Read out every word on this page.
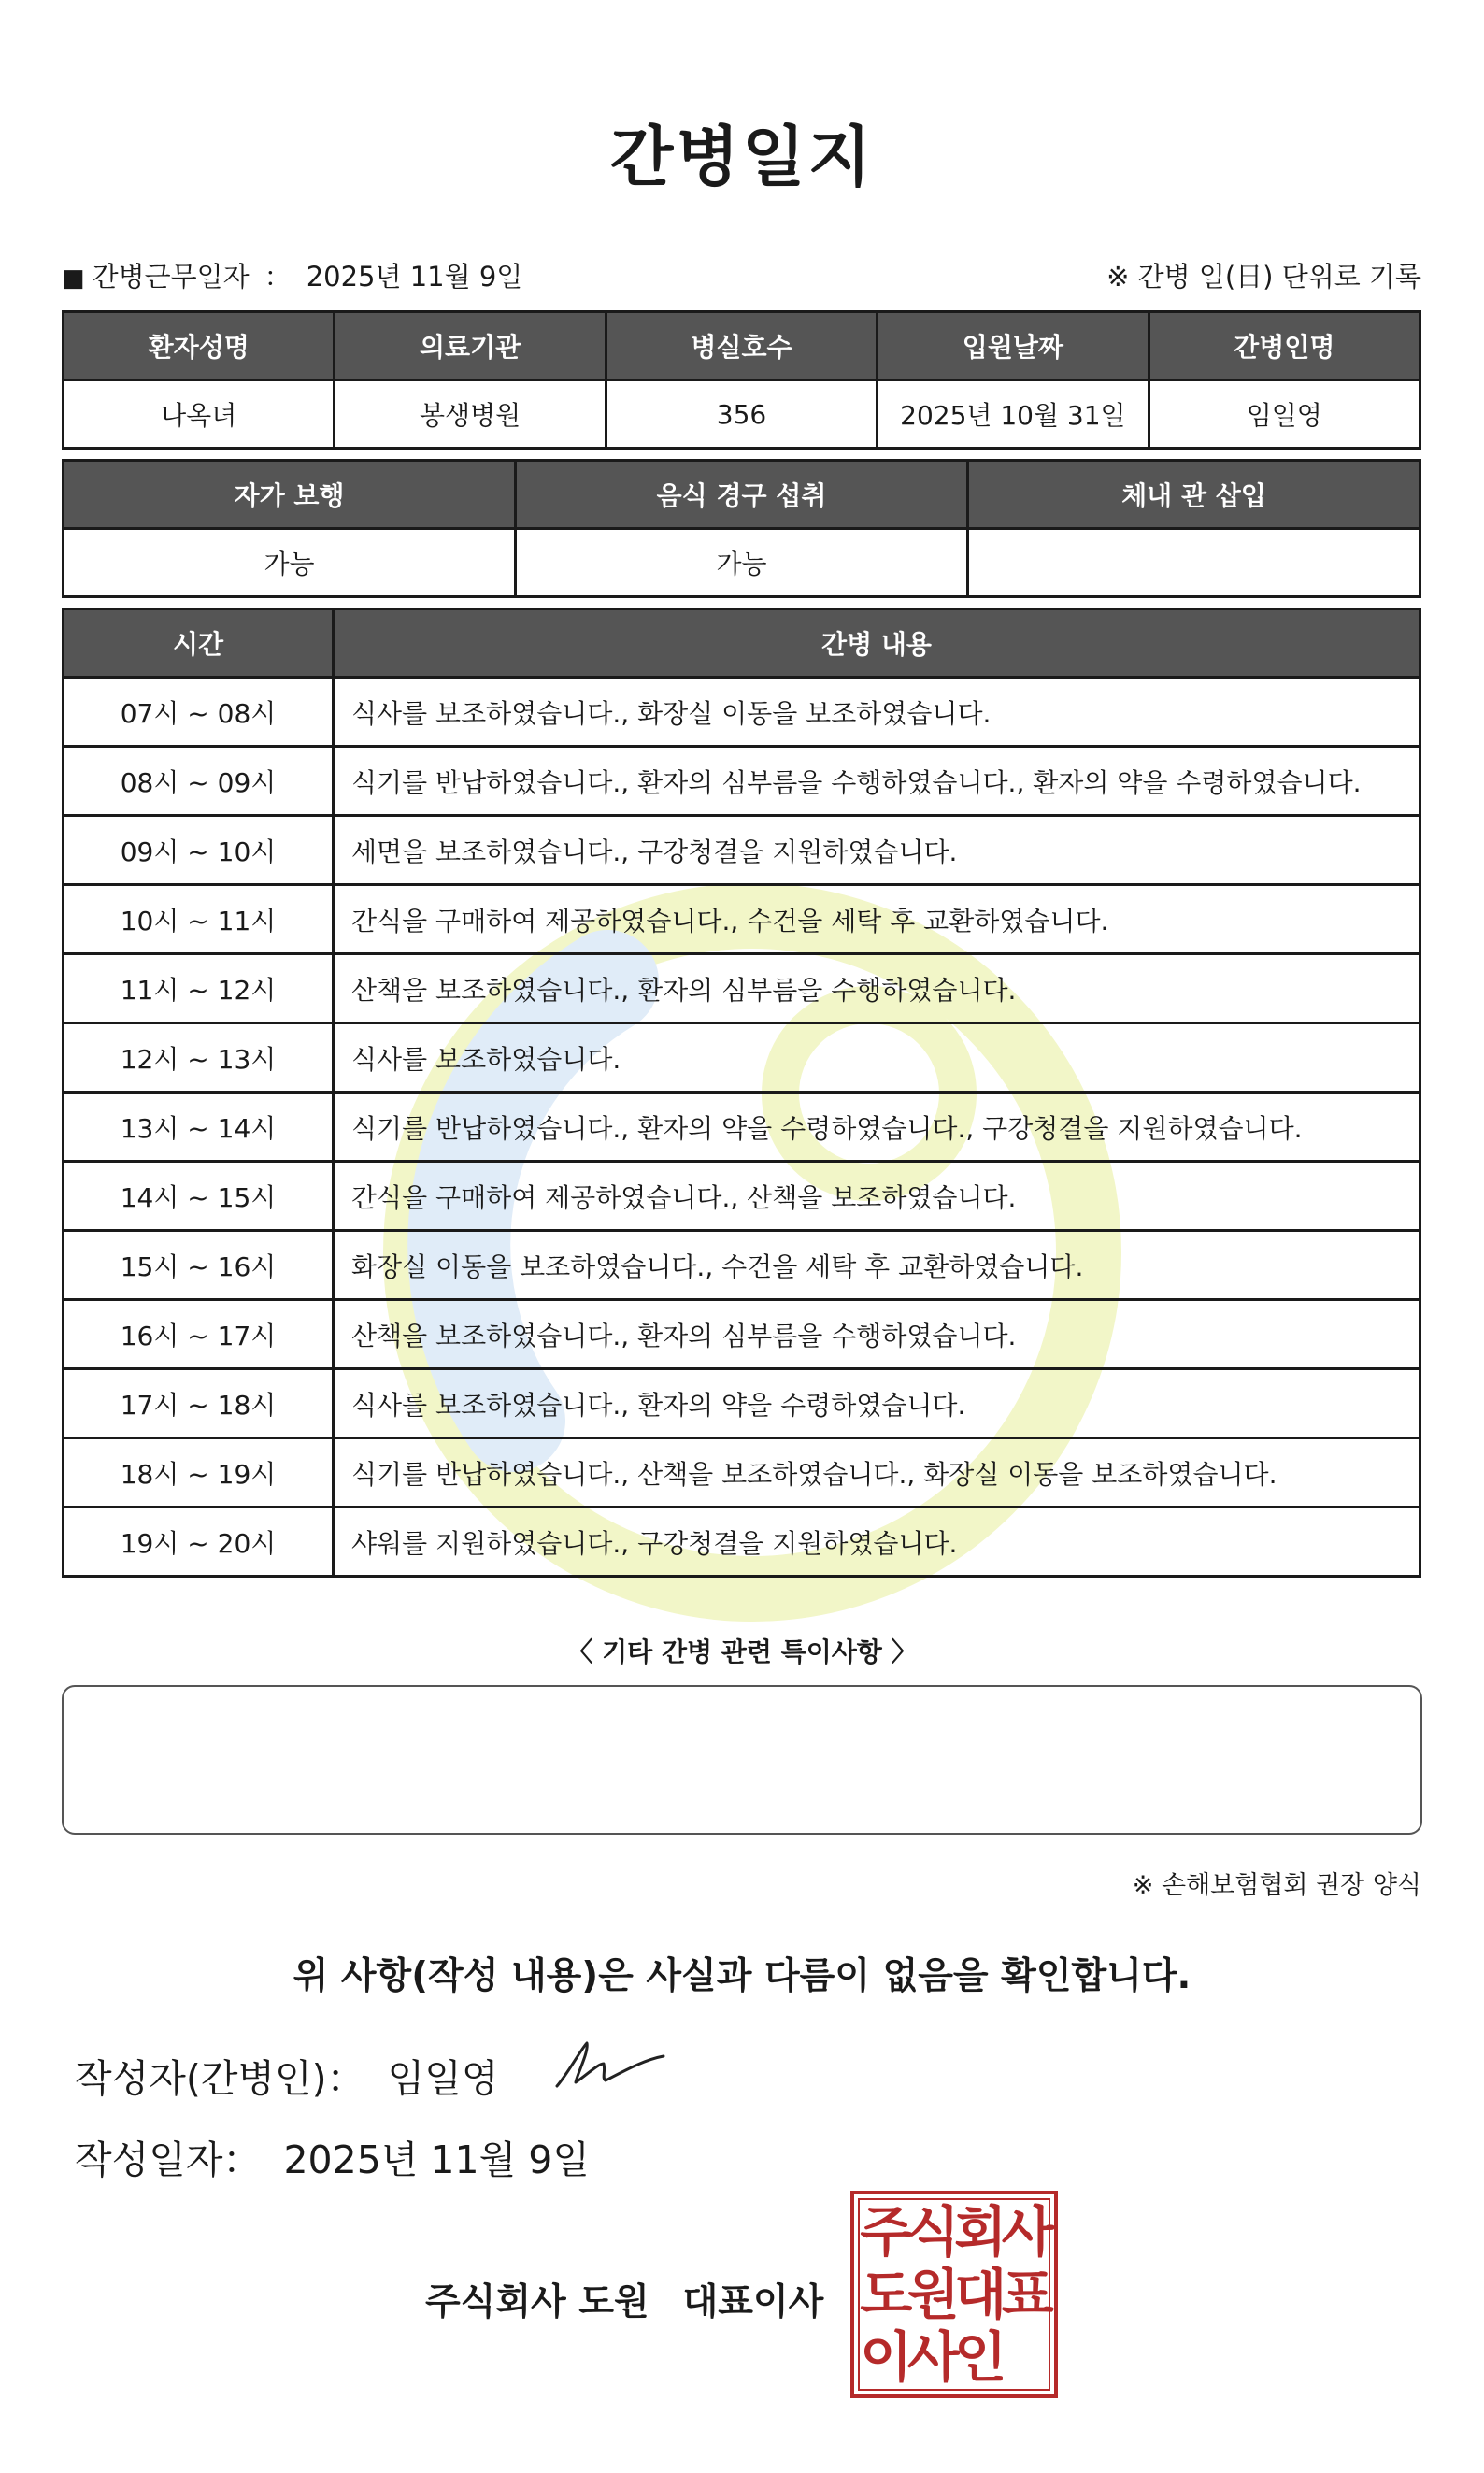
간병일지
■ 간병근무일자 ： 2025년 11월 9일	※ 간병 일(日) 단위로 기록
환자성명	의료기관	병실호수	입원날짜	간병인명
나옥녀	봉생병원	356	2025년 10월 31일	임일영
자가 보행	음식 경구 섭취	체내 관 삽입
가능	가능	
시간	간병 내용
07시 ~ 08시	식사를 보조하였습니다., 화장실 이동을 보조하였습니다.
08시 ~ 09시	식기를 반납하였습니다., 환자의 심부름을 수행하였습니다., 환자의 약을 수령하였습니다.
09시 ~ 10시	세면을 보조하였습니다., 구강청결을 지원하였습니다.
10시 ~ 11시	간식을 구매하여 제공하였습니다., 수건을 세탁 후 교환하였습니다.
11시 ~ 12시	산책을 보조하였습니다., 환자의 심부름을 수행하였습니다.
12시 ~ 13시	식사를 보조하였습니다.
13시 ~ 14시	식기를 반납하였습니다., 환자의 약을 수령하였습니다., 구강청결을 지원하였습니다.
14시 ~ 15시	간식을 구매하여 제공하였습니다., 산책을 보조하였습니다.
15시 ~ 16시	화장실 이동을 보조하였습니다., 수건을 세탁 후 교환하였습니다.
16시 ~ 17시	산책을 보조하였습니다., 환자의 심부름을 수행하였습니다.
17시 ~ 18시	식사를 보조하였습니다., 환자의 약을 수령하였습니다.
18시 ~ 19시	식기를 반납하였습니다., 산책을 보조하였습니다., 화장실 이동을 보조하였습니다.
19시 ~ 20시	샤워를 지원하였습니다., 구강청결을 지원하였습니다.
〈 기타 간병 관련 특이사항 〉
※ 손해보험협회 권장 양식
위 사항(작성 내용)은 사실과 다름이 없음을 확인합니다.
작성자(간병인)： 임일영
작성일자： 2025년 11월 9일
주식회사 도원 대표이사
주
식
회
사
도
원
대
표
이
사
인
